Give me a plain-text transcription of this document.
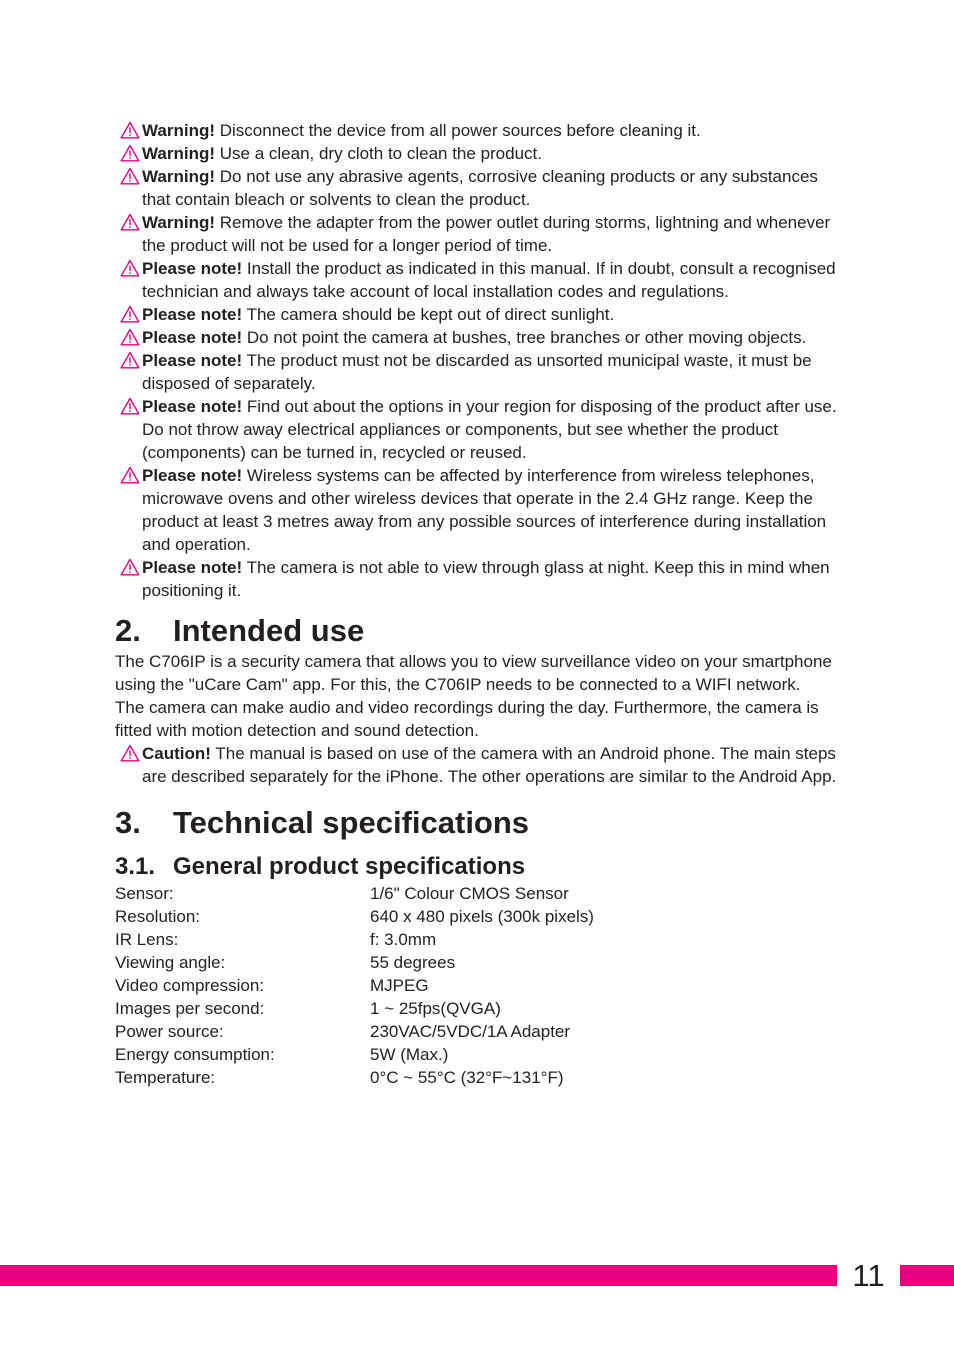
Warning! Disconnect the device from all power sources before cleaning it.
Warning! Use a clean, dry cloth to clean the product.
Warning! Do not use any abrasive agents, corrosive cleaning products or any substances that contain bleach or solvents to clean the product.
Warning! Remove the adapter from the power outlet during storms, lightning and whenever the product will not be used for a longer period of time.
Please note! Install the product as indicated in this manual. If in doubt, consult a recognised technician and always take account of local installation codes and regulations.
Please note! The camera should be kept out of direct sunlight.
Please note! Do not point the camera at bushes, tree branches or other moving objects.
Please note! The product must not be discarded as unsorted municipal waste, it must be disposed of separately.
Please note! Find out about the options in your region for disposing of the product after use. Do not throw away electrical appliances or components, but see whether the product (components) can be turned in, recycled or reused.
Please note! Wireless systems can be affected by interference from wireless telephones, microwave ovens and other wireless devices that operate in the 2.4 GHz range. Keep the product at least 3 metres away from any possible sources of interference during installation and operation.
Please note! The camera is not able to view through glass at night. Keep this in mind when positioning it.
2.	Intended use

The C706IP is a security camera that allows you to view surveillance video on your smartphone using the "uCare Cam" app. For this, the C706IP needs to be connected to a WIFI network.

The camera can make audio and video recordings during the day. Furthermore, the camera is fitted with motion detection and sound detection.

Caution! The manual is based on use of the camera with an Android phone. The main steps are described separately for the iPhone. The other operations are similar to the Android App.
3.	Technical specifications
3.1. General product specifications
Sensor:	1/6" Colour CMOS Sensor
Resolution:	640 x 480 pixels (300k pixels)
IR Lens:	f: 3.0mm
Viewing angle:	55 degrees
Video compression:	MJPEG
Images per second:	1 ~ 25fps(QVGA)
Power source:	230VAC/5VDC/1A Adapter
Energy consumption:	5W (Max.)
Temperature:	0°C ~ 55°C (32°F~131°F)
11
